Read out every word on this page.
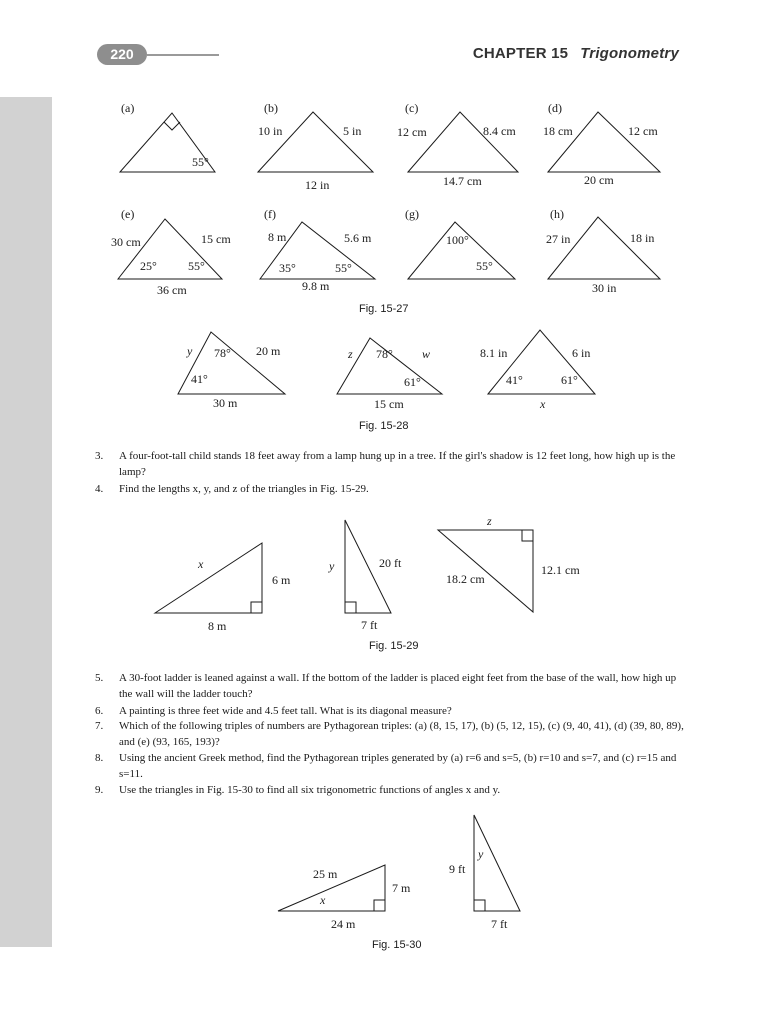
220	CHAPTER 15 Trigonometry
(a)
55°
(b)
10 in	5 in
12 in
(c)
12 cm	8.4 cm
14.7 cm
(d)
18 cm	12 cm
20 cm
(e)
30 cm	15 cm
25°	55°
36 cm
(f)
8 m	5.6 m
35°	55°
9.8 m
(g)
100°
55°
(h)
27 in	18 in
30 in
Fig. 15-27
y 78° 20 m
41°
30 m
z 78° w
61°
15 cm
8.1 in	6 in
41°	61°
x
Fig. 15-28
x
6 m
8 m
y	20 ft
7 ft
z
18.2 cm
12.1 cm
Fig. 15-29
25 m
7 m
x
24 m
9 ft
y
7 ft
Fig. 15-30
3.	A four-foot-tall child stands 18 feet away from a lamp hung up in a tree. If the girl's shadow is 12 feet long, how high up is the lamp?
4.	Find the lengths x, y, and z of the triangles in Fig. 15-29.
5.	A 30-foot ladder is leaned against a wall. If the bottom of the ladder is placed eight feet from the base of the wall, how high up the wall will the ladder touch?
6.	A painting is three feet wide and 4.5 feet tall. What is its diagonal measure?
7.	Which of the following triples of numbers are Pythagorean triples: (a) (8, 15, 17), (b) (5, 12, 15), (c) (9, 40, 41), (d) (39, 80, 89), and (e) (93, 165, 193)?
8.	Using the ancient Greek method, find the Pythagorean triples generated by (a) r=6 and s=5, (b) r=10 and s=7, and (c) r=15 and s=11.
9.	Use the triangles in Fig. 15-30 to find all six trigonometric functions of angles x and y.
